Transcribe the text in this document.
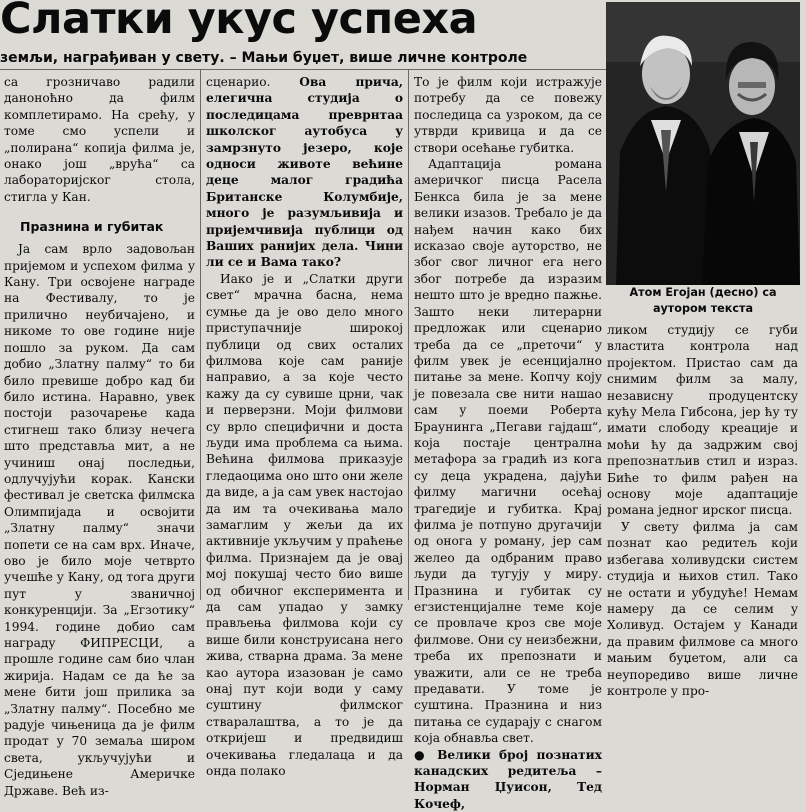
Слатки укус успеха
земљи, награђиван у свету. – Мањи буџет, више личне контроле
Атом Егојан (десно) са аутором текста

са грозничаво радили даноноћно да филм комплетирамо. На срећу, у томе смо успели и „полирана“ копија филма је, онако још „врућа“ са лабораторијског стола, стигла у Кан.

Празнина и губитак

Ја сам врло задовољан пријемом и успехом филма у Кану. Три освојене награде на Фестивалу, то је прилично неубичајено, и никоме то ове године није пошло за руком. Да сам добио „Златну палму“ то би било превише добро кад би било истина. Наравно, увек постоји разочарење када стигнеш тако близу нечега што представља мит, а не учиниш онај последњи, одлучујући корак. Кански фестивал је светска филмска Олимпијада и освојити „Златну палму“ значи попети се на сам врх. Иначе, ово је било моје четврто учешће у Кану, од тога други пут у званичној конкуренцији. За „Егзотику“ 1994. године добио сам награду ФИПРЕСЦИ, а прошле године сам био члан жирија. Надам се да ће за мене бити још прилика за „Златну палму“. Посебно ме радује чињеница да је филм продат у 70 земаља широм света, укључујући и Сједињене Америчке Државе. Већ из-

сценарио. Ова прича, елегична студија о последицама преврнтаа школског аутобуса у замрзнуто језеро, које односи животе већине деце малог градића Британске Колумбије, много је разумљивија и пријемчивија публици од Ваших ранијих дела. Чини ли се и Вама тако?

Иако је и „Слатки други свет“ мрачна басна, нема сумње да је ово дело много приступачније широкој публици од свих осталих филмова које сам раније направио, а за које често кажу да су сувише црни, чак и перверзни. Моји филмови су врло специфични и доста људи има проблема са њима. Већина филмова приказује гледаоцима оно што они желе да виде, а ја сам увек настојао да им та очекивања мало замаглим у жељи да их активније укључим у праћење филма. Признајем да је овај мој покушај често био више од обичног експеримента и да сам упадао у замку прављења филмова који су више били конструисана него жива, стварна драма. За мене као аутора изазован је само онај пут који води у саму суштину филмског стваралаштва, а то је да откријеш и предвидиш очекивања гледалаца и да онда полако

То је филм који истражује потребу да се повежу последица са узроком, да се утврди кривица и да се створи осећање губитка.

Адаптација романа америчког писца Расела Бенкса била је за мене велики изазов. Требало је да нађем начин како бих исказао своје ауторство, не због свог личног ега него због потребе да изразим нешто што је вредно пажње. Зашто неки литерарни предложак или сценарио треба да се „преточи“ у филм увек је есенцијално питање за мене. Копчу коју је повезала све нити нашао сам у поеми Роберта Браунинга „Пегави гајдаш“, која постаје централна метафора за градић из кога су деца украдена, дајући филму магични осећај трагедије и губитка. Крај филма је потпуно другачији од оногa у роману, јер сам желео да одбраним право људи да тугују у миру. Празнина и губитак су егзистенцијалне теме које се провлаче кроз све моје филмове. Они су неизбежни, треба их препознати и уважити, али се не треба предавати. У томе је суштина. Празнина и низ питања се сударају с снагом која обнавља свет.

● Велики број познатих канадских редитеља – Норман Џуисон, Тед Кочеф,

ликом студију се губи властита контрола над пројектом. Пристао сам да снимим филм за малу, независну продуцентску кућу Мела Гибсона, јер ћу ту имати слободу креације и моћи ћу да задржим свој препознатљив стил и израз. Биће то филм рађен на основу моје адаптације романа једног ирског писца.

У свету филма ја сам познат као редитељ који избегава холивудски систем студија и њихов стил. Тако не остати и убудуће! Немам намеру да се селим у Холивуд. Остајем у Канади да правим филмове са много мањим буџетом, али са неупоредиво више личне контроле у про-
